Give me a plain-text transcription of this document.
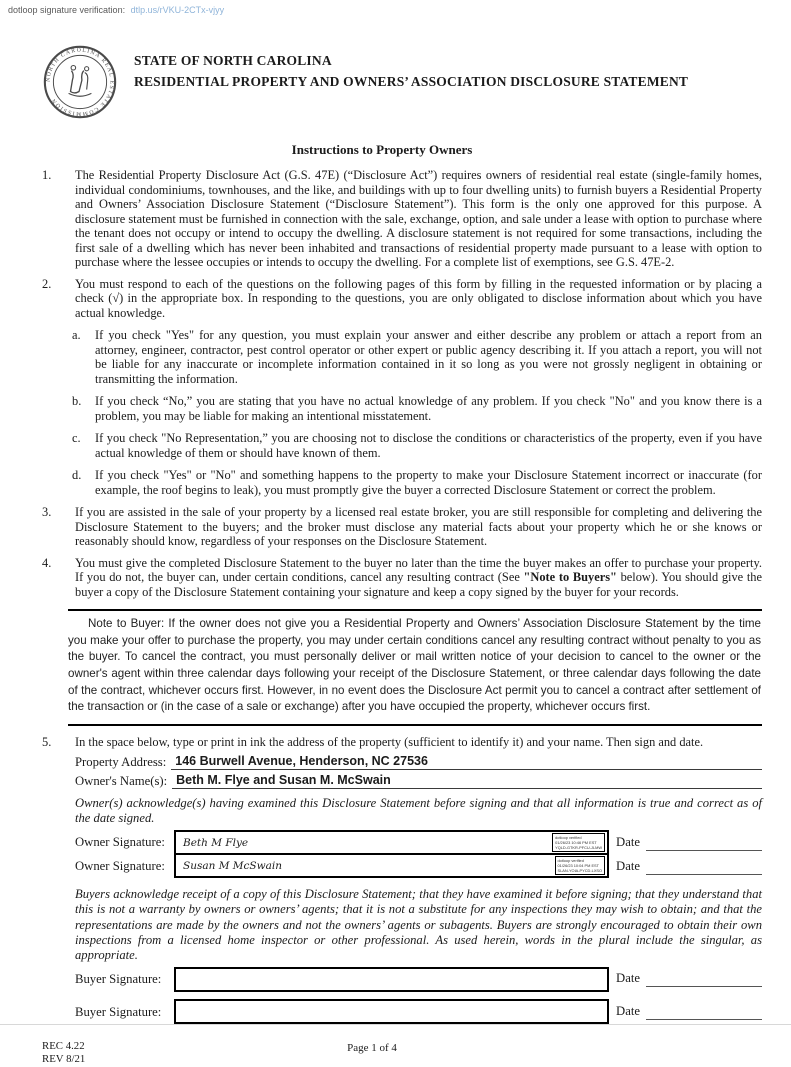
dotloop signature verification: dtlp.us/rVKU-2CTx-vjyy
NORTH CAROLINA REAL ESTATE COMMISSION
STATE OF NORTH CAROLINA
RESIDENTIAL PROPERTY AND OWNERS’ ASSOCIATION DISCLOSURE STATEMENT
Instructions to Property Owners
1.	The Residential Property Disclosure Act (G.S. 47E) (“Disclosure Act”) requires owners of residential real estate (single-family homes, individual condominiums, townhouses, and the like, and buildings with up to four dwelling units) to furnish buyers a Residential Property and Owners’ Association Disclosure Statement (“Disclosure Statement”). This form is the only one approved for this purpose. A disclosure statement must be furnished in connection with the sale, exchange, option, and sale under a lease with option to purchase where the tenant does not occupy or intend to occupy the dwelling. A disclosure statement is not required for some transactions, including the first sale of a dwelling which has never been inhabited and transactions of residential property made pursuant to a lease with option to purchase where the lessee occupies or intends to occupy the dwelling. For a complete list of exemptions, see G.S. 47E-2.
2.	You must respond to each of the questions on the following pages of this form by filling in the requested information or by placing a check (√) in the appropriate box. In responding to the questions, you are only obligated to disclose information about which you have actual knowledge.
a.	If you check "Yes" for any question, you must explain your answer and either describe any problem or attach a report from an attorney, engineer, contractor, pest control operator or other expert or public agency describing it. If you attach a report, you will not be liable for any inaccurate or incomplete information contained in it so long as you were not grossly negligent in obtaining or transmitting the information.
b.	If you check “No,” you are stating that you have no actual knowledge of any problem. If you check "No" and you know there is a problem, you may be liable for making an intentional misstatement.
c.	If you check "No Representation,” you are choosing not to disclose the conditions or characteristics of the property, even if you have actual knowledge of them or should have known of them.
d.	If you check "Yes" or "No" and something happens to the property to make your Disclosure Statement incorrect or inaccurate (for example, the roof begins to leak), you must promptly give the buyer a corrected Disclosure Statement or correct the problem.
3.	If you are assisted in the sale of your property by a licensed real estate broker, you are still responsible for completing and delivering the Disclosure Statement to the buyers; and the broker must disclose any material facts about your property which he or she knows or reasonably should know, regardless of your responses on the Disclosure Statement.
4.	You must give the completed Disclosure Statement to the buyer no later than the time the buyer makes an offer to purchase your property. If you do not, the buyer can, under certain conditions, cancel any resulting contract (See "Note to Buyers" below). You should give the buyer a copy of the Disclosure Statement containing your signature and keep a copy signed by the buyer for your records.
Note to Buyer: If the owner does not give you a Residential Property and Owners’ Association Disclosure Statement by the time you make your offer to purchase the property, you may under certain conditions cancel any resulting contract without penalty to you as the buyer. To cancel the contract, you must personally deliver or mail written notice of your decision to cancel to the owner or the owner's agent within three calendar days following your receipt of the Disclosure Statement, or three calendar days following the date of the contract, whichever occurs first. However, in no event does the Disclosure Act permit you to cancel a contract after settlement of the transaction or (in the case of a sale or exchange) after you have occupied the property, whichever occurs first.
5.	In the space below, type or print in ink the address of the property (sufficient to identify it) and your name. Then sign and date.
Property Address: 146 Burwell Avenue, Henderson, NC 27536
Owner's Name(s): Beth M. Flye and Susan M. McSwain
Owner(s) acknowledge(s) having examined this Disclosure Statement before signing and that all information is true and correct as of the date signed.
Owner Signature:	Beth M Flye	dotloop verified
01/26/23 10:46 PM EST
YQLD-GTKR-PFCU-JLMW Date
Owner Signature:	Susan M McSwain	dotloop verified
01/26/23 10:04 PM EST
SLAN-YOIA-PYCD-LXSO Date
Buyers acknowledge receipt of a copy of this Disclosure Statement; that they have examined it before signing; that they understand that this is not a warranty by owners or owners’ agents; that it is not a substitute for any inspections they may wish to obtain; and that the representations are made by the owners and not the owners’ agents or subagents. Buyers are strongly encouraged to obtain their own inspections from a licensed home inspector or other professional. As used herein, words in the plural include the singular, as appropriate.
Buyer Signature:	Date
Buyer Signature:	Date
REC 4.22
REV 8/21
Page 1 of 4
